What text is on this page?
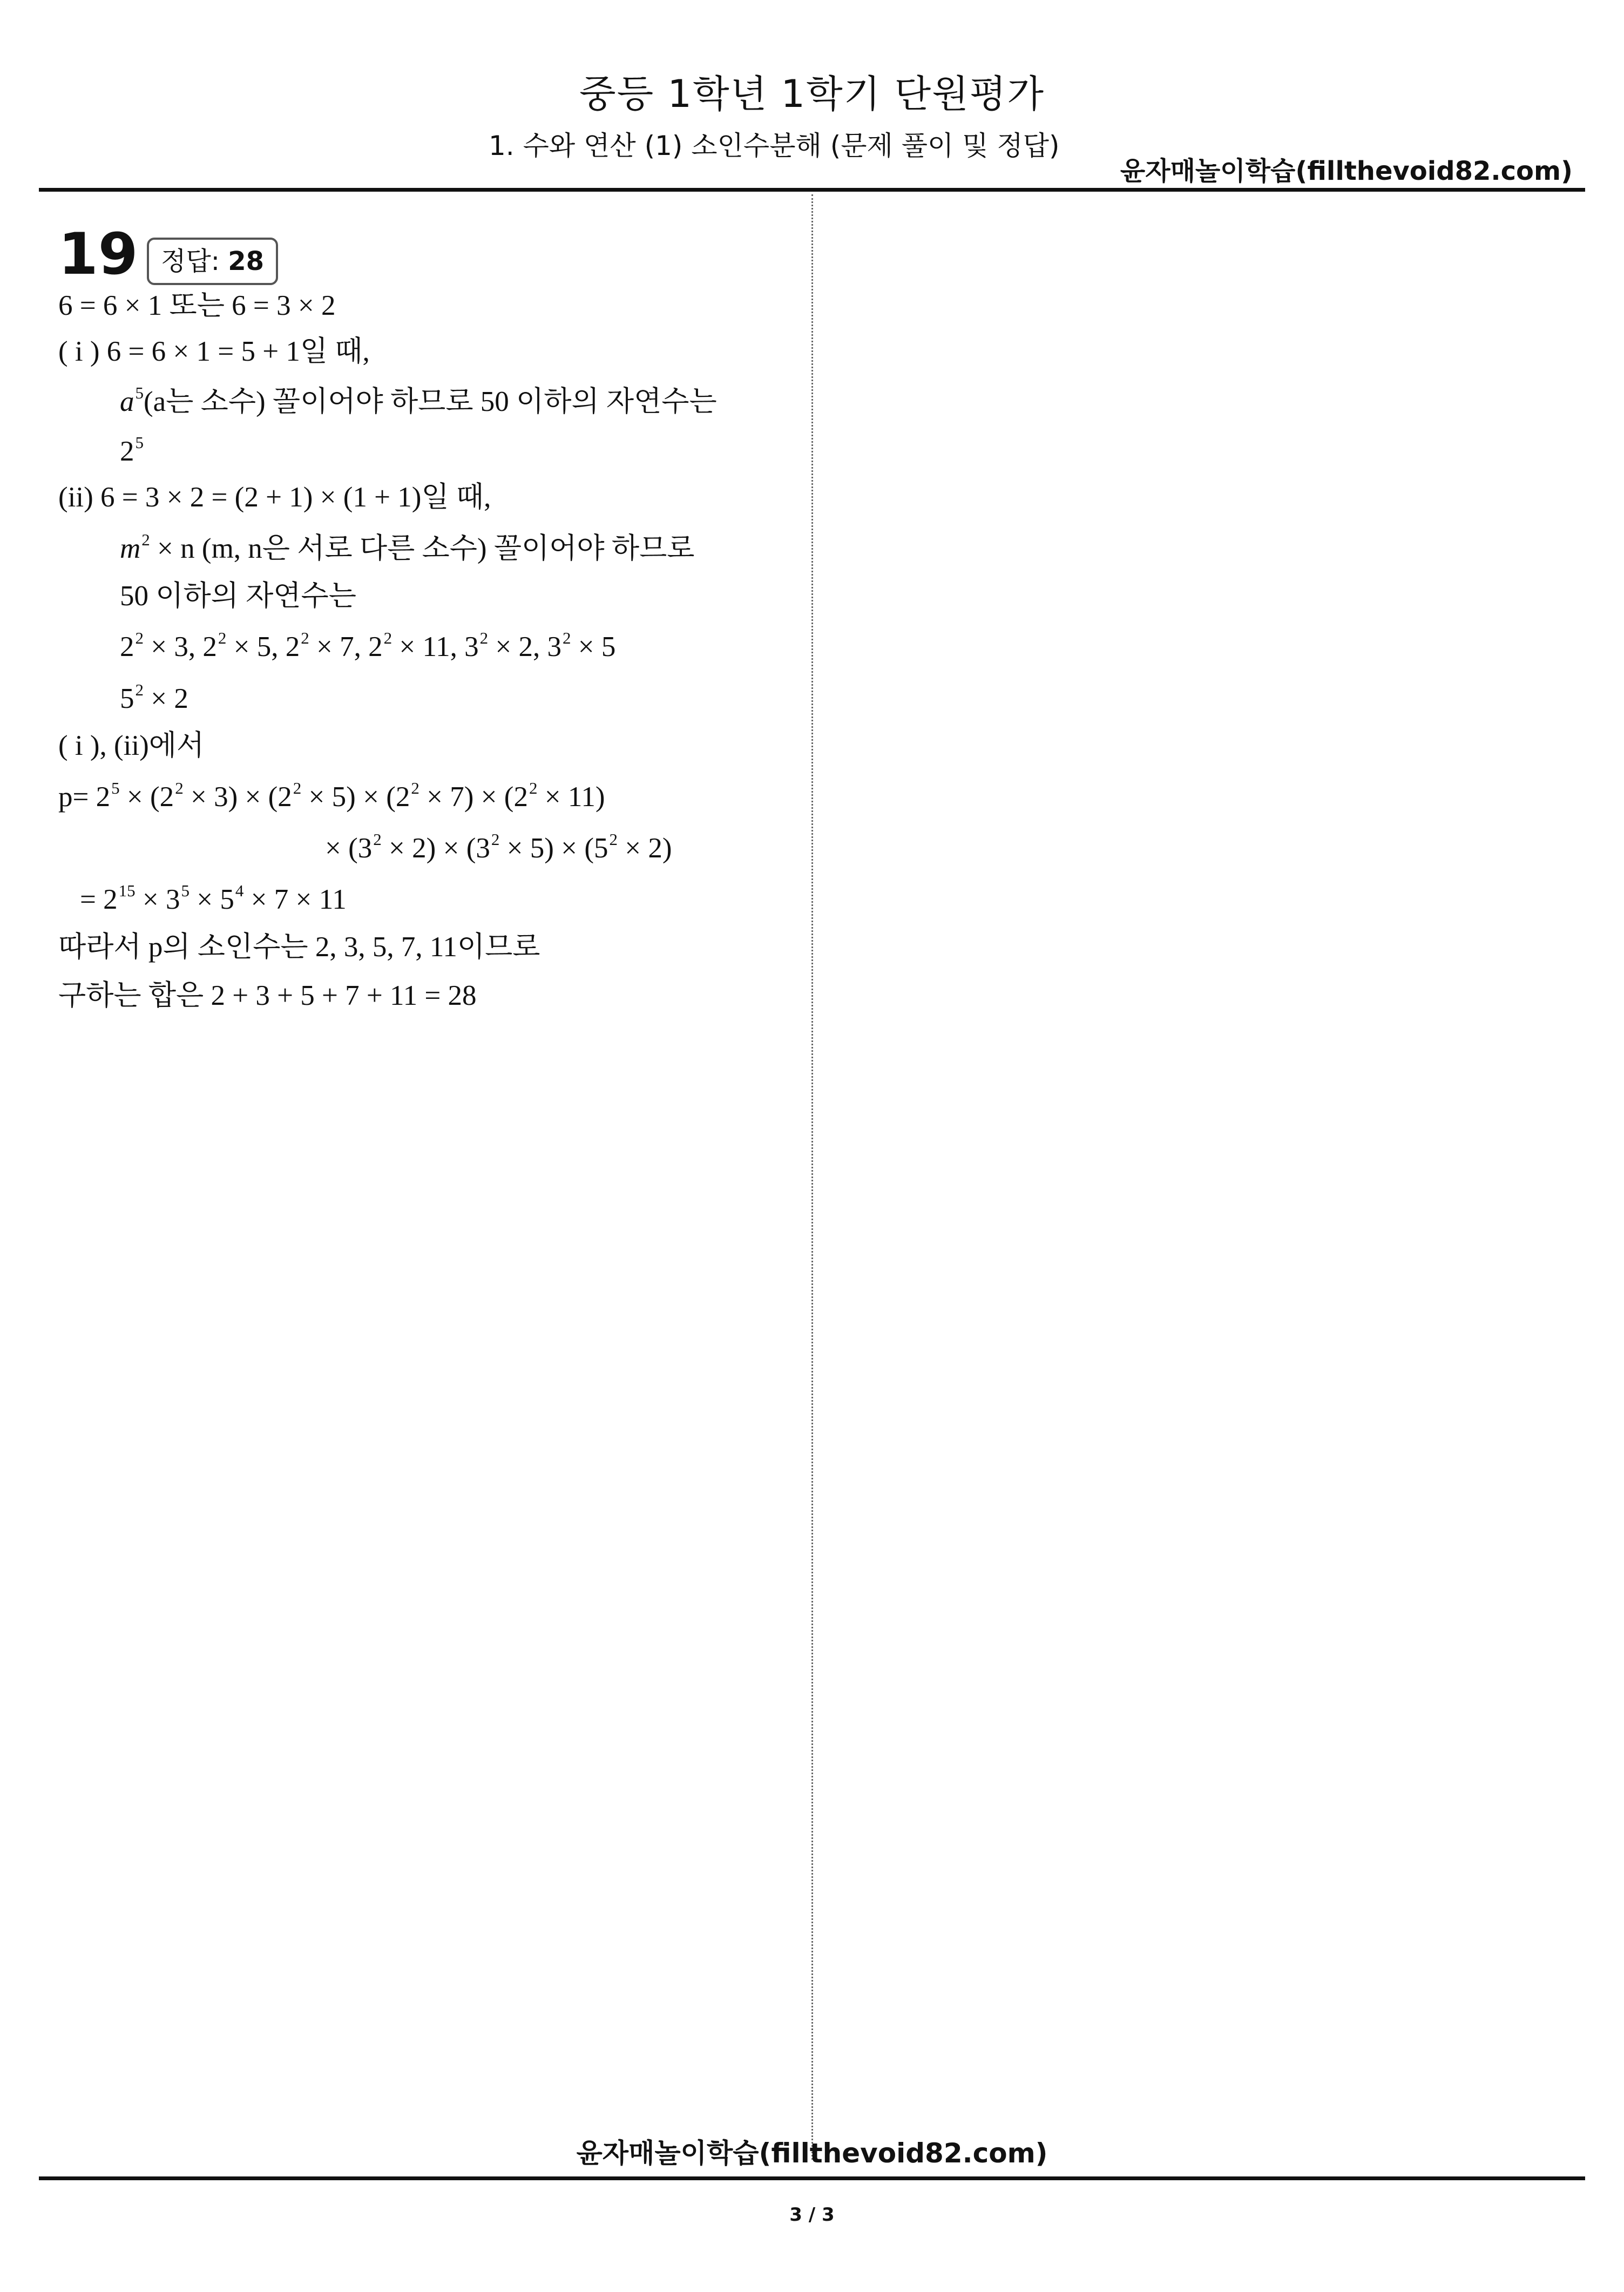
중등 1학년 1학기 단원평가
1. 수와 연산 (1) 소인수분해 (문제 풀이 및 정답)
윤자매놀이학습(fillthevoid82.com)
19 정답: 28
6 = 6 × 1 또는 6 = 3 × 2
( i ) 6 = 6 × 1 = 5 + 1일 때,
$a^5(a$는 소수) 꼴이어야 하므로 50 이하의 자연수는
$2^5$
(ii) 6 = 3 × 2 = (2 + 1) × (1 + 1)일 때,
$m^2 \times n$ (m, n은 서로 다른 소수) 꼴이어야 하므로
50 이하의 자연수는
$2^2 \times 3$, $2^2 \times 5$, $2^2 \times 7$, $2^2 \times 11$, $3^2 \times 2$, $3^2 \times 5$
$5^2 \times 2$
( i ), (ii)에서
$p= 2^5 \times (2^2 \times 3) \times (2^2 \times 5) \times (2^2 \times 7) \times (2^2 \times 11)$
× $(3^2 \times 2) \times (3^2 \times 5) \times (5^2 \times 2)$
= $2^{15} \times 3^5 \times 5^4 \times 7 \times 11$
따라서 p의 소인수는 2, 3, 5, 7, 11이므로
구하는 합은 2 + 3 + 5 + 7 + 11 = 28
윤자매놀이학습(fillthevoid82.com)
3 / 3
